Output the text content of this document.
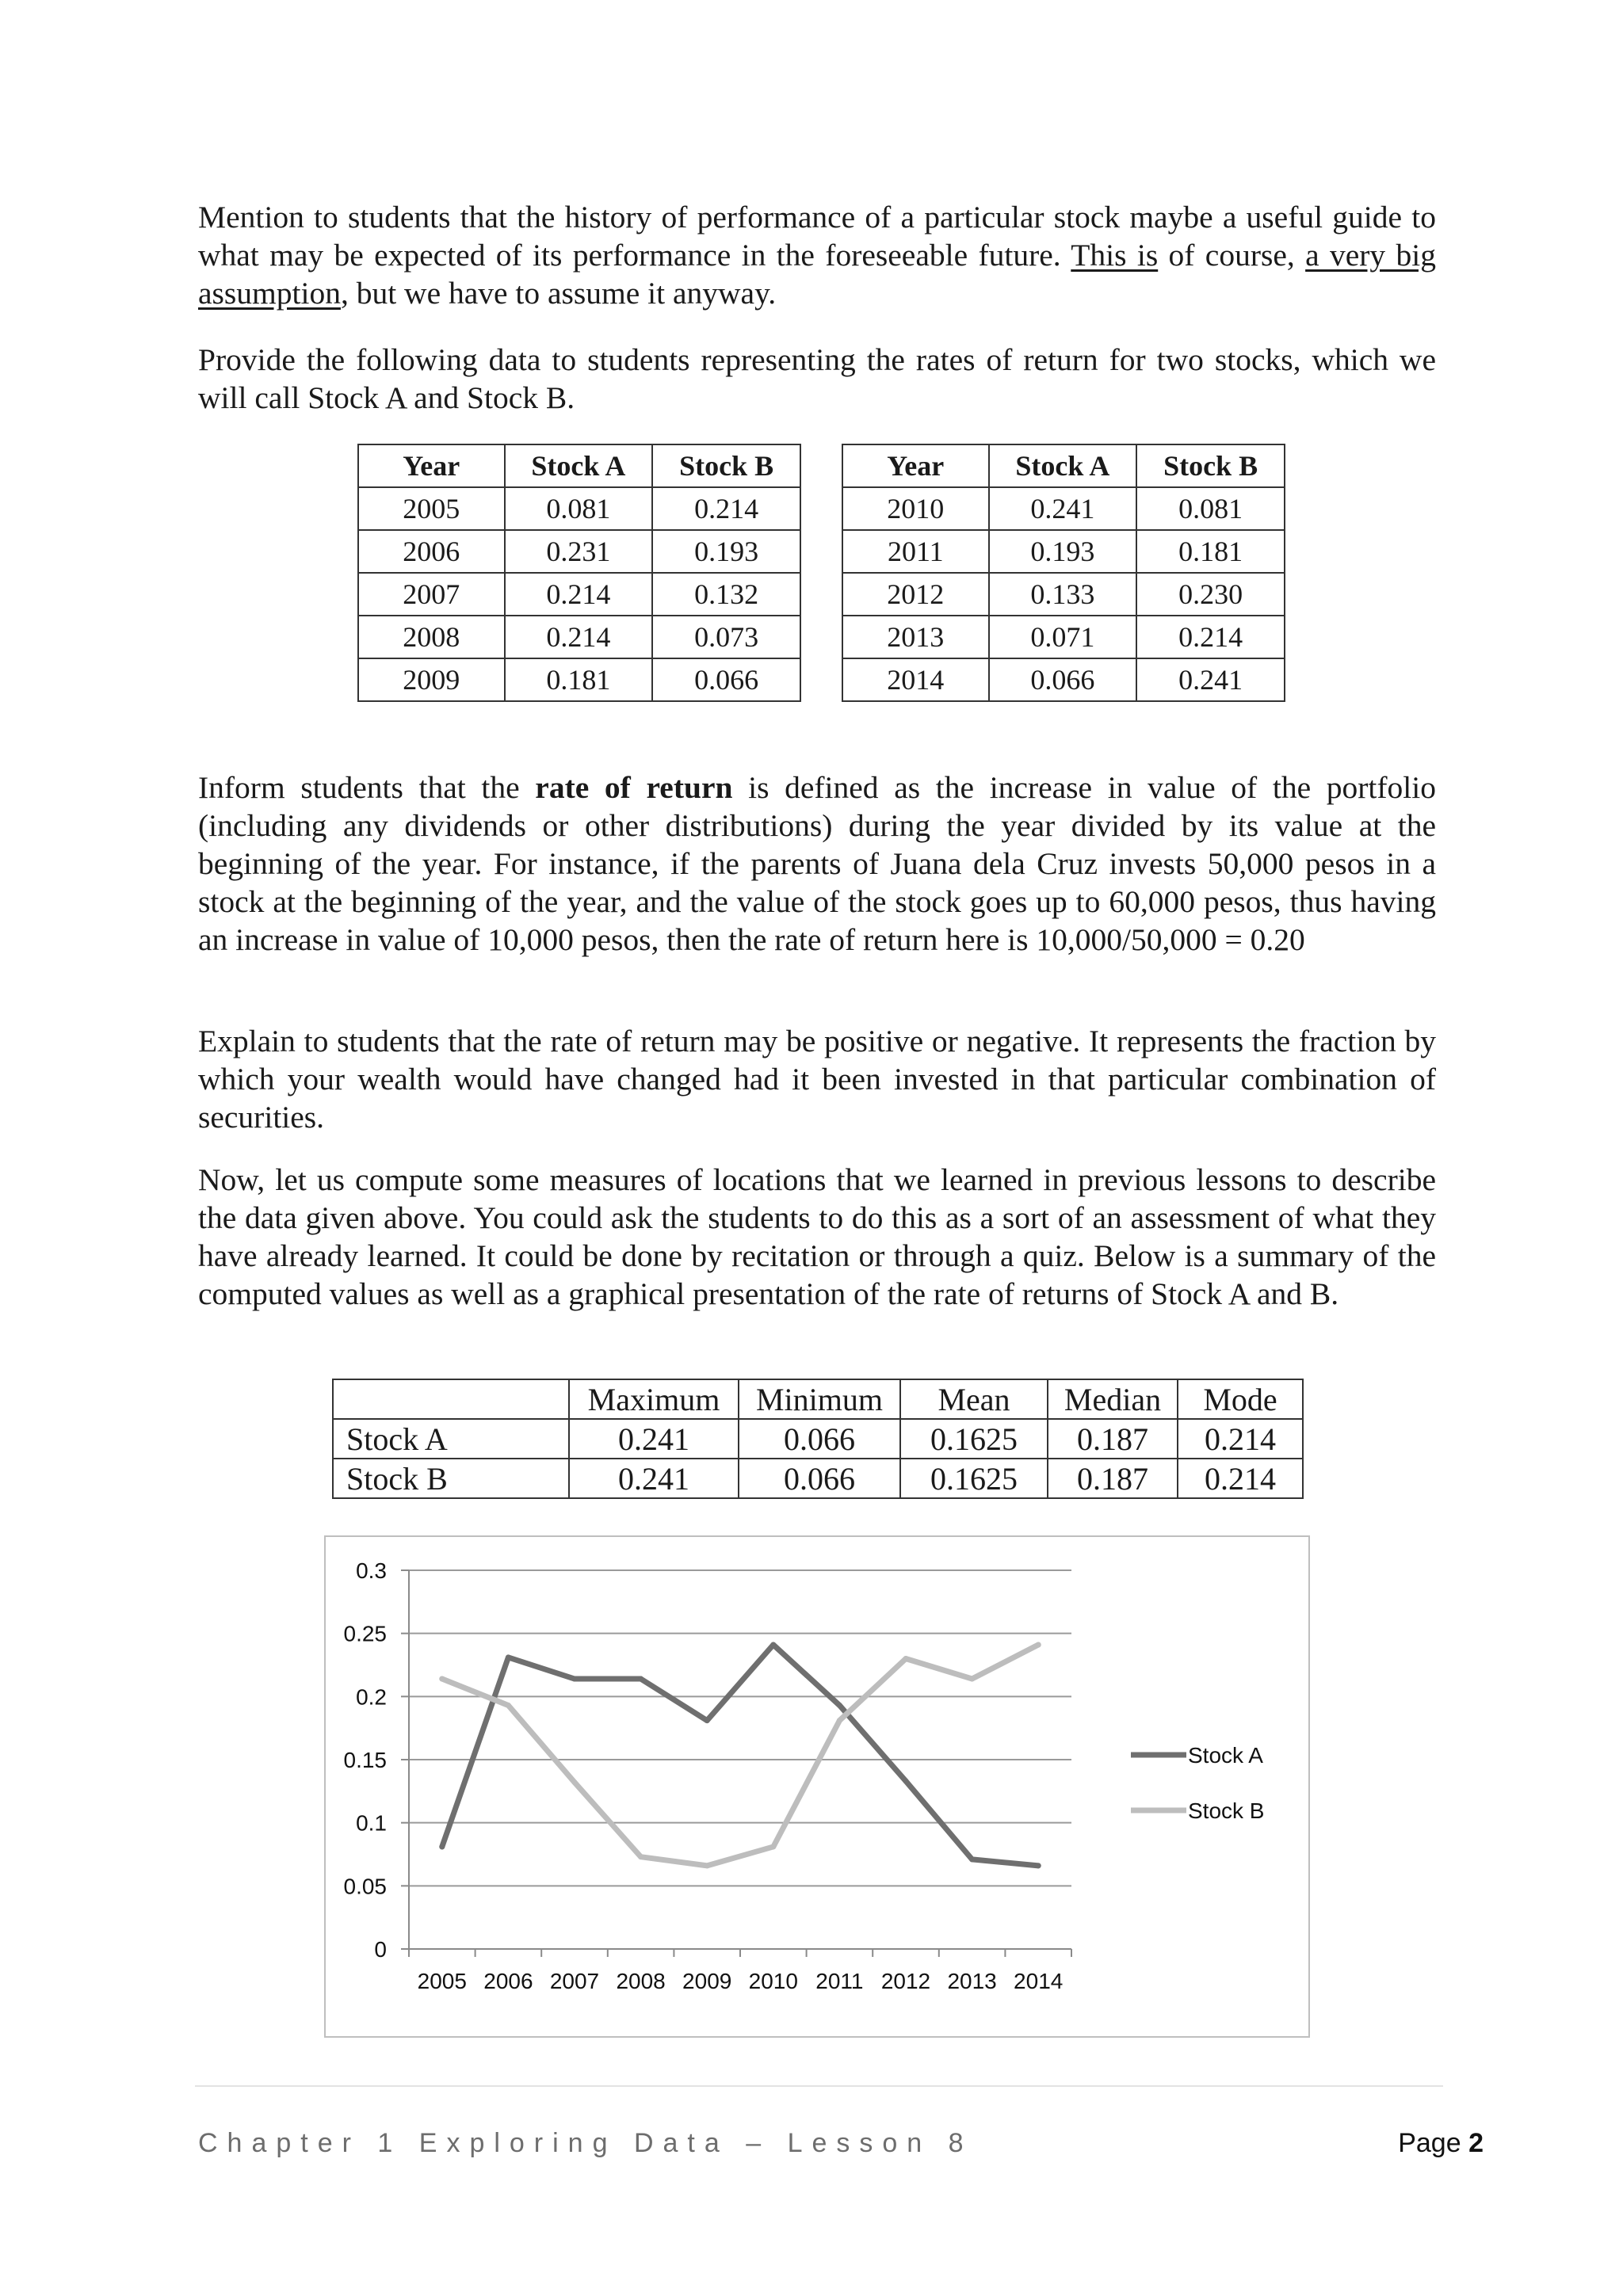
Mention to students that the history of performance of a particular stock maybe a useful guide to what may be expected of its performance in the foreseeable future. This is of course, a very big assumption, but we have to assume it anyway.

Provide the following data to students representing the rates of return for two stocks, which we will call Stock A and Stock B.

Year	Stock A	Stock B
2005	0.081	0.214
2006	0.231	0.193
2007	0.214	0.132
2008	0.214	0.073
2009	0.181	0.066
Year	Stock A	Stock B
2010	0.241	0.081
2011	0.193	0.181
2012	0.133	0.230
2013	0.071	0.214
2014	0.066	0.241

Inform students that the rate of return is defined as the increase in value of the portfolio (including any dividends or other distributions) during the year divided by its value at the beginning of the year. For instance, if the parents of Juana dela Cruz invests 50,000 pesos in a stock at the beginning of the year, and the value of the stock goes up to 60,000 pesos, thus having an increase in value of 10,000 pesos, then the rate of return here is 10,000/50,000 = 0.20

Explain to students that the rate of return may be positive or negative. It represents the fraction by which your wealth would have changed had it been invested in that particular combination of securities.

Now, let us compute some measures of locations that we learned in previous lessons to describe the data given above. You could ask the students to do this as a sort of an assessment of what they have already learned. It could be done by recitation or through a quiz. Below is a summary of the computed values as well as a graphical presentation of the rate of returns of Stock A and B.

	Maximum	Minimum	Mean	Median	Mode
Stock A	0.241	0.066	0.1625	0.187	0.214
Stock B	0.241	0.066	0.1625	0.187	0.214
0
0.05
0.1
0.15
0.2
0.25
0.3
2005 2006 2007 2008 2009 2010 2011 2012 2013 2014
Stock A
Stock B
Chapter 1 Exploring Data – Lesson 8	Page 2
